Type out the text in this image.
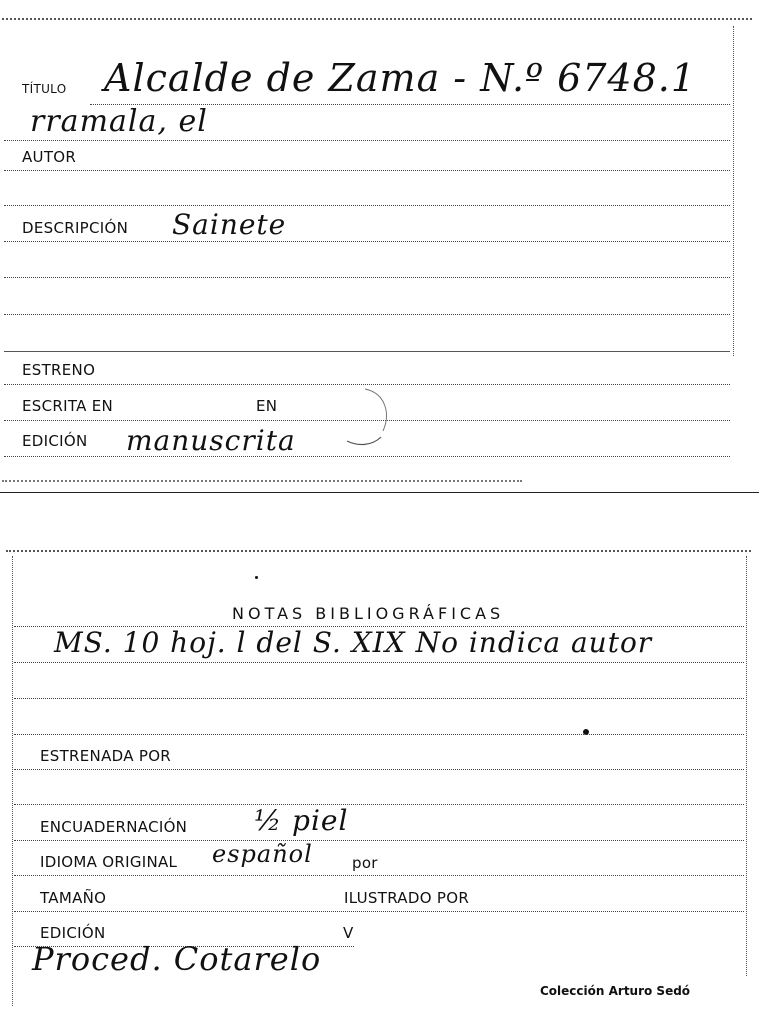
TÍTULO Alcalde de Zama - N.º 6748.1
rramala, el
AUTOR
DESCRIPCIÓN Sainete
ESTRENO
ESCRITA EN	EN
EDICIÓN manuscrita
NOTAS BIBLIOGRÁFICAS
MS. 10 hoj. l del S. XIX No indica autor
ESTRENADA POR
ENCUADERNACIÓN ½ piel
IDIOMA ORIGINAL español	por
TAMAÑO	ILUSTRADO POR
EDICIÓN	V
Proced. Cotarelo
Colección Arturo Sedó
